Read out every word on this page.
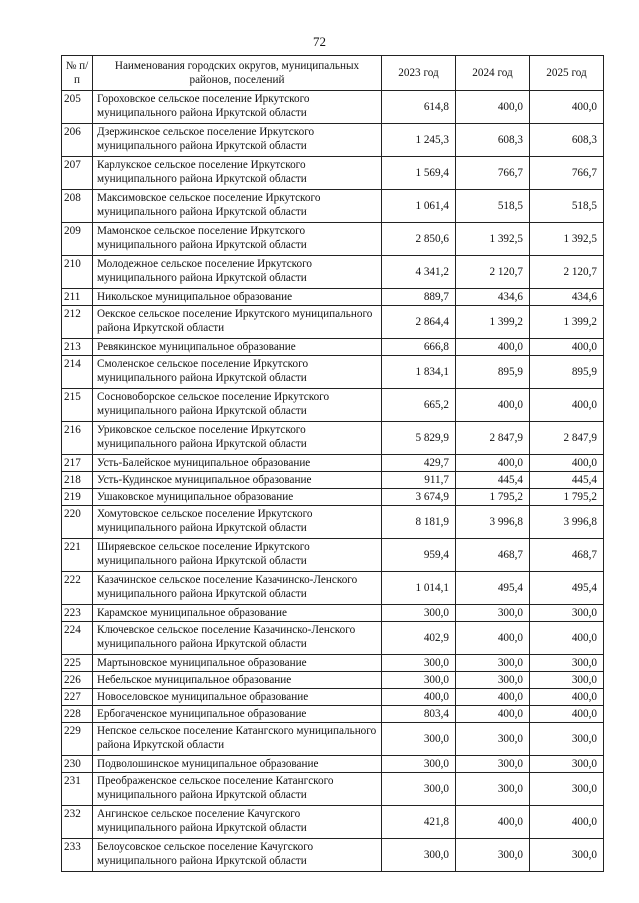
72
№ п/п	Наименования городских округов, муниципальных районов, поселений	2023 год	2024 год	2025 год
205	Гороховское сельское поселение Иркутского муниципального района Иркутской области	614,8	400,0	400,0
206	Дзержинское сельское поселение Иркутского муниципального района Иркутской области	1 245,3	608,3	608,3
207	Карлукское сельское поселение Иркутского муниципального района Иркутской области	1 569,4	766,7	766,7
208	Максимовское сельское поселение Иркутского муниципального района Иркутской области	1 061,4	518,5	518,5
209	Мамонское сельское поселение Иркутского муниципального района Иркутской области	2 850,6	1 392,5	1 392,5
210	Молодежное сельское поселение Иркутского муниципального района Иркутской области	4 341,2	2 120,7	2 120,7
211	Никольское муниципальное образование	889,7	434,6	434,6
212	Оекское сельское поселение Иркутского муниципального района Иркутской области	2 864,4	1 399,2	1 399,2
213	Ревякинское муниципальное образование	666,8	400,0	400,0
214	Смоленское сельское поселение Иркутского муниципального района Иркутской области	1 834,1	895,9	895,9
215	Сосновоборское сельское поселение Иркутского муниципального района Иркутской области	665,2	400,0	400,0
216	Уриковское сельское поселение Иркутского муниципального района Иркутской области	5 829,9	2 847,9	2 847,9
217	Усть-Балейское муниципальное образование	429,7	400,0	400,0
218	Усть-Кудинское муниципальное образование	911,7	445,4	445,4
219	Ушаковское муниципальное образование	3 674,9	1 795,2	1 795,2
220	Хомутовское сельское поселение Иркутского муниципального района Иркутской области	8 181,9	3 996,8	3 996,8
221	Ширяевское сельское поселение Иркутского муниципального района Иркутской области	959,4	468,7	468,7
222	Казачинское сельское поселение Казачинско-Ленского муниципального района Иркутской области	1 014,1	495,4	495,4
223	Карамское муниципальное образование	300,0	300,0	300,0
224	Ключевское сельское поселение Казачинско-Ленского муниципального района Иркутской области	402,9	400,0	400,0
225	Мартыновское муниципальное образование	300,0	300,0	300,0
226	Небельское муниципальное образование	300,0	300,0	300,0
227	Новоселовское муниципальное образование	400,0	400,0	400,0
228	Ербогаченское муниципальное образование	803,4	400,0	400,0
229	Непское сельское поселение Катангского муниципального района Иркутской области	300,0	300,0	300,0
230	Подволошинское муниципальное образование	300,0	300,0	300,0
231	Преображенское сельское поселение Катангского муниципального района Иркутской области	300,0	300,0	300,0
232	Ангинское сельское поселение Качугского муниципального района Иркутской области	421,8	400,0	400,0
233	Белоусовское сельское поселение Качугского муниципального района Иркутской области	300,0	300,0	300,0
